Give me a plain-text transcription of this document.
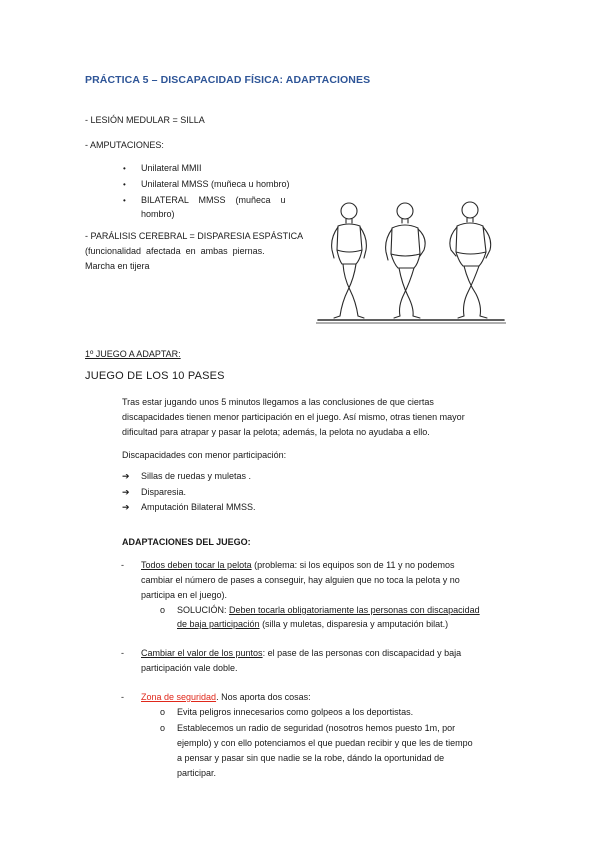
PRÁCTICA 5 – DISCAPACIDAD FÍSICA: ADAPTACIONES
- LESIÓN MEDULAR = SILLA
- AMPUTACIONES:
• Unilateral MMII
• Unilateral MMSS (muñeca u hombro)
• BILATERAL    MMSS    (muñeca    u
hombro)
- PARÁLISIS CEREBRAL = DISPARESIA ESPÁSTICA
(funcionalidad  afectada  en  ambas  piernas.
Marcha en tijera
1º JUEGO A ADAPTAR:
JUEGO DE LOS 10 PASES
Tras estar jugando unos 5 minutos llegamos a las conclusiones de que ciertas
discapacidades tienen menor participación en el juego. Así mismo, otras tienen mayor
dificultad para atrapar y pasar la pelota; además, la pelota no ayudaba a ello.
Discapacidades con menor participación:
➔ Sillas de ruedas y muletas .
➔ Disparesia.
➔ Amputación Bilateral MMSS.
ADAPTACIONES DEL JUEGO:
- Todos deben tocar la pelota (problema: si los equipos son de 11 y no podemos
cambiar el número de pases a conseguir, hay alguien que no toca la pelota y no
participa en el juego).
o SOLUCIÓN: Deben tocarla obligatoriamente las personas con discapacidad
de baja participación (silla y muletas, disparesia y amputación bilat.)
- Cambiar el valor de los puntos: el pase de las personas con discapacidad y baja
participación vale doble.
- Zona de seguridad. Nos aporta dos cosas:
o Evita peligros innecesarios como golpeos a los deportistas.
o Establecemos un radio de seguridad (nosotros hemos puesto 1m, por
ejemplo) y con ello potenciamos el que puedan recibir y que les de tiempo
a pensar y pasar sin que nadie se la robe, dándo la oportunidad de
participar.
